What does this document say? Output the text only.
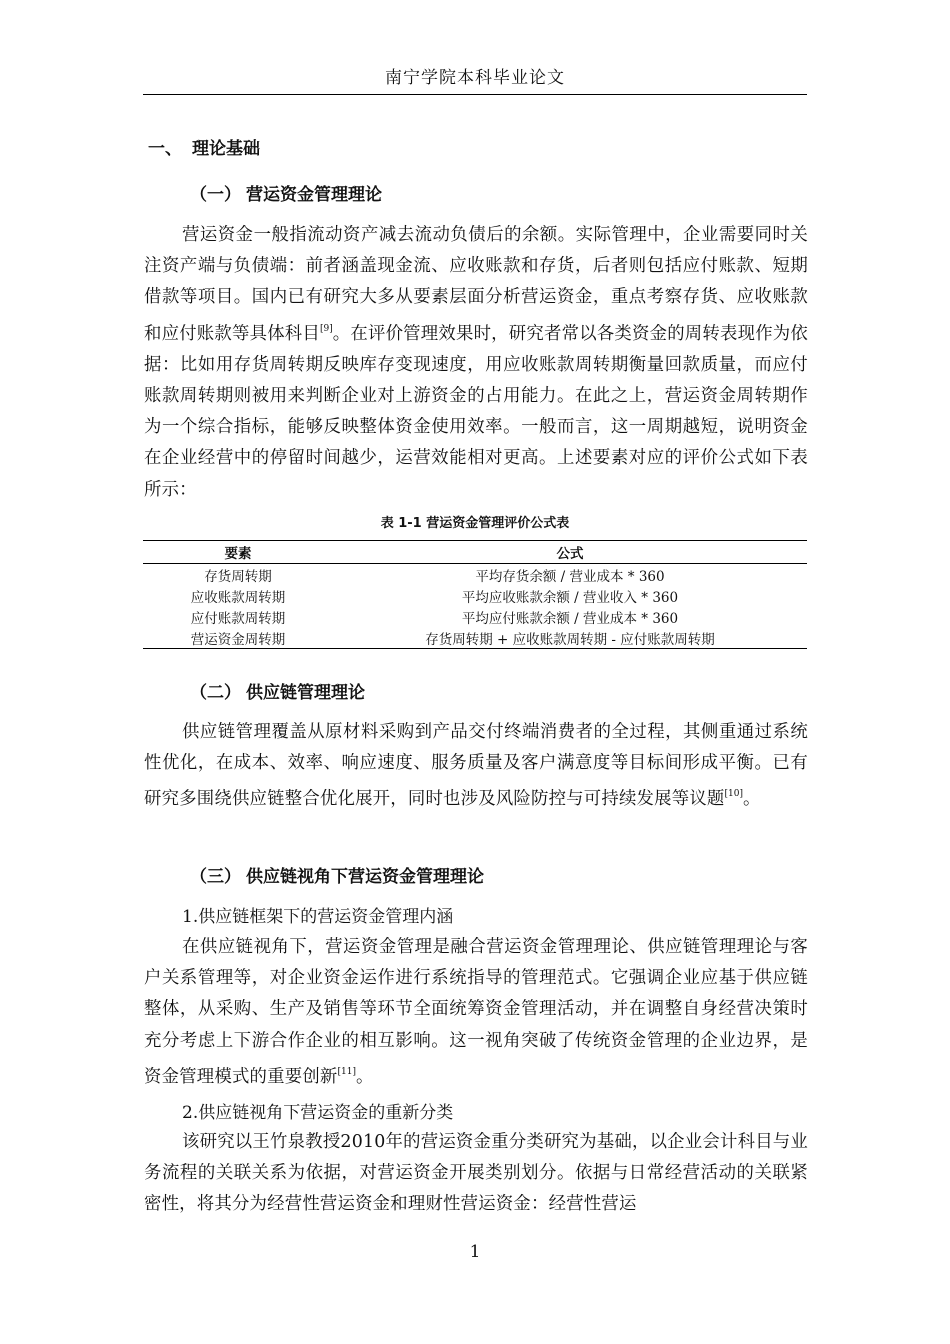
南宁学院本科毕业论文
一、 理论基础
（一） 营运资金管理理论
营运资金一般指流动资产减去流动负债后的余额。实际管理中，企业需要同时关注资产端与负债端：前者涵盖现金流、应收账款和存货，后者则包括应付账款、短期借款等项目。国内已有研究大多从要素层面分析营运资金，重点考察存货、应收账款和应付账款等具体科目[9]。在评价管理效果时，研究者常以各类资金的周转表现作为依据：比如用存货周转期反映库存变现速度，用应收账款周转期衡量回款质量，而应付账款周转期则被用来判断企业对上游资金的占用能力。在此之上，营运资金周转期作为一个综合指标，能够反映整体资金使用效率。一般而言，这一周期越短，说明资金在企业经营中的停留时间越少，运营效能相对更高。上述要素对应的评价公式如下表所示：
表 1-1 营运资金管理评价公式表
要素	公式
存货周转期	平均存货余额 / 营业成本 * 360
应收账款周转期	平均应收账款余额 / 营业收入 * 360
应付账款周转期	平均应付账款余额 / 营业成本 * 360
营运资金周转期	存货周转期 + 应收账款周转期 - 应付账款周转期
（二） 供应链管理理论
供应链管理覆盖从原材料采购到产品交付终端消费者的全过程，其侧重通过系统性优化，在成本、效率、响应速度、服务质量及客户满意度等目标间形成平衡。已有研究多围绕供应链整合优化展开，同时也涉及风险防控与可持续发展等议题[10]。
（三） 供应链视角下营运资金管理理论
1.供应链框架下的营运资金管理内涵
在供应链视角下，营运资金管理是融合营运资金管理理论、供应链管理理论与客户关系管理等，对企业资金运作进行系统指导的管理范式。它强调企业应基于供应链整体，从采购、生产及销售等环节全面统筹资金管理活动，并在调整自身经营决策时充分考虑上下游合作企业的相互影响。这一视角突破了传统资金管理的企业边界，是资金管理模式的重要创新[11]。
2.供应链视角下营运资金的重新分类
该研究以王竹泉教授2010年的营运资金重分类研究为基础，以企业会计科目与业务流程的关联关系为依据，对营运资金开展类别划分。依据与日常经营活动的关联紧密性，将其分为经营性营运资金和理财性营运资金：经营性营运
1
